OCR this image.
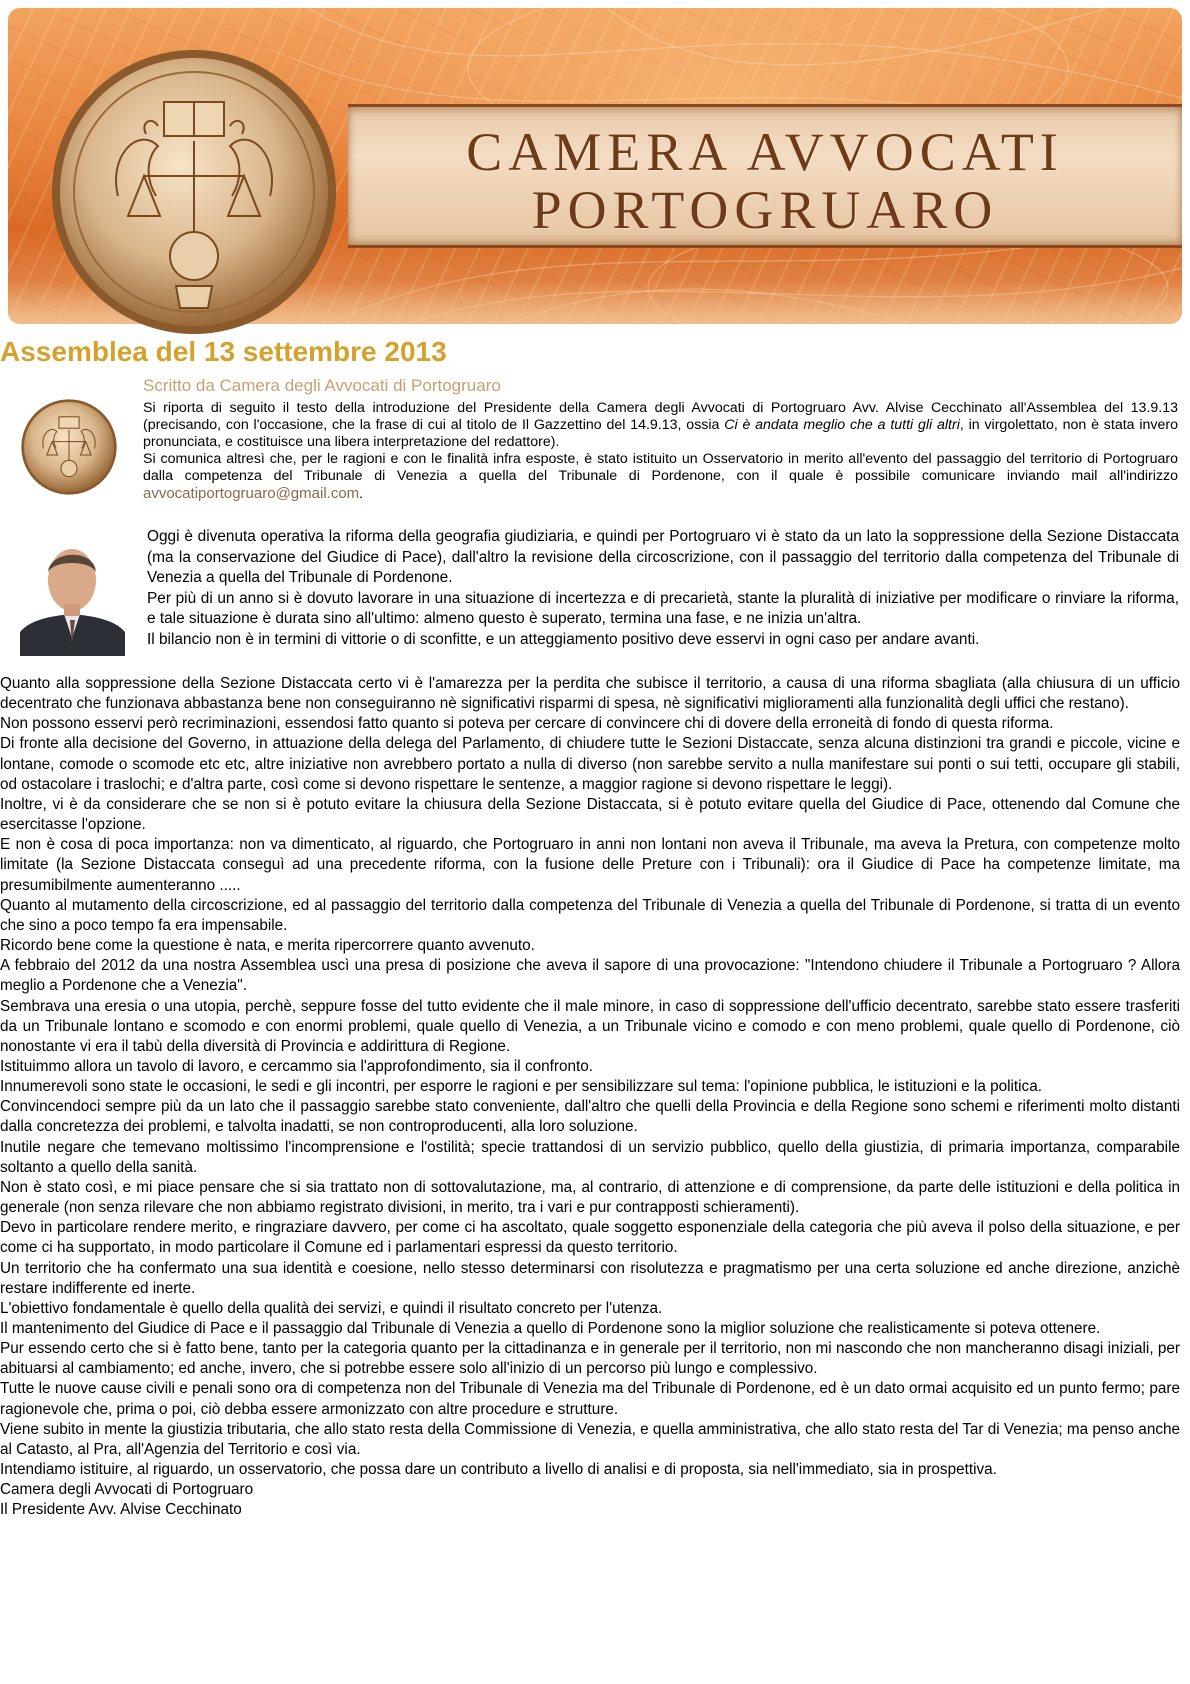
CAMERA AVVOCATI
PORTOGRUARO
Assemblea del 13 settembre 2013
Scritto da Camera degli Avvocati di Portogruaro

Si riporta di seguito il testo della introduzione del Presidente della Camera degli Avvocati di Portogruaro Avv. Alvise Cecchinato all'Assemblea del 13.9.13 (precisando, con l'occasione, che la frase di cui al titolo de Il Gazzettino del 14.9.13, ossia Ci è andata meglio che a tutti gli altri, in virgolettato, non è stata invero pronunciata, e costituisce una libera interpretazione del redattore).

Si comunica altresì che, per le ragioni e con le finalità infra esposte, è stato istituito un Osservatorio in merito all'evento del passaggio del territorio di Portogruaro dalla competenza del Tribunale di Venezia a quella del Tribunale di Pordenone, con il quale è possibile comunicare inviando mail all'indirizzo avvocatiportogruaro@gmail.com.

Oggi è divenuta operativa la riforma della geografia giudiziaria, e quindi per Portogruaro vi è stato da un lato la soppressione della Sezione Distaccata (ma la conservazione del Giudice di Pace), dall'altro la revisione della circoscrizione, con il passaggio del territorio dalla competenza del Tribunale di Venezia a quella del Tribunale di Pordenone.

Per più di un anno si è dovuto lavorare in una situazione di incertezza e di precarietà, stante la pluralità di iniziative per modificare o rinviare la riforma, e tale situazione è durata sino all'ultimo: almeno questo è superato, termina una fase, e ne inizia un'altra.

Il bilancio non è in termini di vittorie o di sconfitte, e un atteggiamento positivo deve esservi in ogni caso per andare avanti.

Quanto alla soppressione della Sezione Distaccata certo vi è l'amarezza per la perdita che subisce il territorio, a causa di una riforma sbagliata (alla chiusura di un ufficio decentrato che funzionava abbastanza bene non conseguiranno nè significativi risparmi di spesa, nè significativi miglioramenti alla funzionalità degli uffici che restano).

Non possono esservi però recriminazioni, essendosi fatto quanto si poteva per cercare di convincere chi di dovere della erroneità di fondo di questa riforma.

Di fronte alla decisione del Governo, in attuazione della delega del Parlamento, di chiudere tutte le Sezioni Distaccate, senza alcuna distinzioni tra grandi e piccole, vicine e lontane, comode o scomode etc etc, altre iniziative non avrebbero portato a nulla di diverso (non sarebbe servito a nulla manifestare sui ponti o sui tetti, occupare gli stabili, od ostacolare i traslochi; e d'altra parte, così come si devono rispettare le sentenze, a maggior ragione si devono rispettare le leggi).

Inoltre, vi è da considerare che se non si è potuto evitare la chiusura della Sezione Distaccata, si è potuto evitare quella del Giudice di Pace, ottenendo dal Comune che esercitasse l'opzione.

E non è cosa di poca importanza: non va dimenticato, al riguardo, che Portogruaro in anni non lontani non aveva il Tribunale, ma aveva la Pretura, con competenze molto limitate (la Sezione Distaccata conseguì ad una precedente riforma, con la fusione delle Preture con i Tribunali): ora il Giudice di Pace ha competenze limitate, ma presumibilmente aumenteranno .....

Quanto al mutamento della circoscrizione, ed al passaggio del territorio dalla competenza del Tribunale di Venezia a quella del Tribunale di Pordenone, si tratta di un evento che sino a poco tempo fa era impensabile.

Ricordo bene come la questione è nata, e merita ripercorrere quanto avvenuto.

A febbraio del 2012 da una nostra Assemblea uscì una presa di posizione che aveva il sapore di una provocazione: "Intendono chiudere il Tribunale a Portogruaro ? Allora meglio a Pordenone che a Venezia".

Sembrava una eresia o una utopia, perchè, seppure fosse del tutto evidente che il male minore, in caso di soppressione dell'ufficio decentrato, sarebbe stato essere trasferiti da un Tribunale lontano e scomodo e con enormi problemi, quale quello di Venezia, a un Tribunale vicino e comodo e con meno problemi, quale quello di Pordenone, ciò nonostante vi era il tabù della diversità di Provincia e addirittura di Regione.

Istituimmo allora un tavolo di lavoro, e cercammo sia l'approfondimento, sia il confronto.

Innumerevoli sono state le occasioni, le sedi e gli incontri, per esporre le ragioni e per sensibilizzare sul tema: l'opinione pubblica, le istituzioni e la politica.

Convincendoci sempre più da un lato che il passaggio sarebbe stato conveniente, dall'altro che quelli della Provincia e della Regione sono schemi e riferimenti molto distanti dalla concretezza dei problemi, e talvolta inadatti, se non controproducenti, alla loro soluzione.

Inutile negare che temevano moltissimo l'incomprensione e l'ostilità; specie trattandosi di un servizio pubblico, quello della giustizia, di primaria importanza, comparabile soltanto a quello della sanità.

Non è stato così, e mi piace pensare che si sia trattato non di sottovalutazione, ma, al contrario, di attenzione e di comprensione, da parte delle istituzioni e della politica in generale (non senza rilevare che non abbiamo registrato divisioni, in merito, tra i vari e pur contrapposti schieramenti).

Devo in particolare rendere merito, e ringraziare davvero, per come ci ha ascoltato, quale soggetto esponenziale della categoria che più aveva il polso della situazione, e per come ci ha supportato, in modo particolare il Comune ed i parlamentari espressi da questo territorio.

Un territorio che ha confermato una sua identità e coesione, nello stesso determinarsi con risolutezza e pragmatismo per una certa soluzione ed anche direzione, anzichè restare indifferente ed inerte.

L'obiettivo fondamentale è quello della qualità dei servizi, e quindi il risultato concreto per l'utenza.

Il mantenimento del Giudice di Pace e il passaggio dal Tribunale di Venezia a quello di Pordenone sono la miglior soluzione che realisticamente si poteva ottenere.

Pur essendo certo che si è fatto bene, tanto per la categoria quanto per la cittadinanza e in generale per il territorio, non mi nascondo che non mancheranno disagi iniziali, per abituarsi al cambiamento; ed anche, invero, che si potrebbe essere solo all'inizio di un percorso più lungo e complessivo.

Tutte le nuove cause civili e penali sono ora di competenza non del Tribunale di Venezia ma del Tribunale di Pordenone, ed è un dato ormai acquisito ed un punto fermo; pare ragionevole che, prima o poi, ciò debba essere armonizzato con altre procedure e strutture.

Viene subito in mente la giustizia tributaria, che allo stato resta della Commissione di Venezia, e quella amministrativa, che allo stato resta del Tar di Venezia; ma penso anche al Catasto, al Pra, all'Agenzia del Territorio e così via.

Intendiamo istituire, al riguardo, un osservatorio, che possa dare un contributo a livello di analisi e di proposta, sia nell'immediato, sia in prospettiva.

Camera degli Avvocati di Portogruaro

Il Presidente Avv. Alvise Cecchinato
